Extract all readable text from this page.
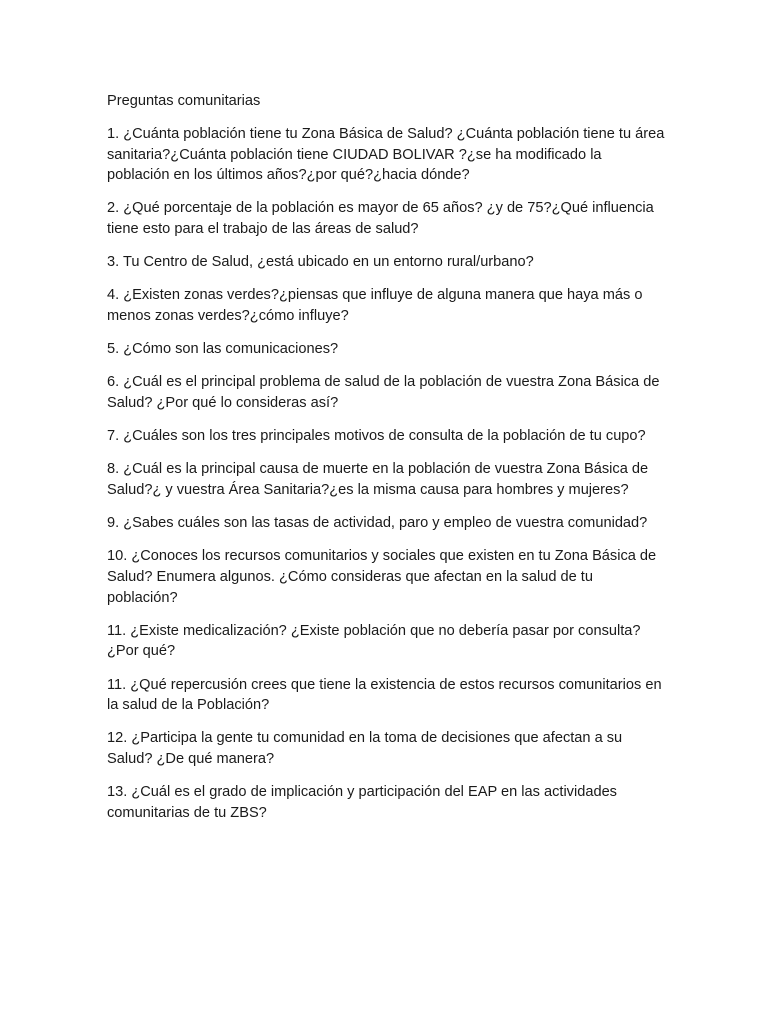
Preguntas comunitarias

1. ¿Cuánta población tiene tu Zona Básica de Salud? ¿Cuánta población tiene tu área sanitaria?¿Cuánta población tiene CIUDAD BOLIVAR ?¿se ha modificado la población en los últimos años?¿por qué?¿hacia dónde?

2. ¿Qué porcentaje de la población es mayor de 65 años? ¿y de 75?¿Qué influencia tiene esto para el trabajo de las áreas de salud?

3. Tu Centro de Salud, ¿está ubicado en un entorno rural/urbano?

4. ¿Existen zonas verdes?¿piensas que influye de alguna manera que haya más o menos zonas verdes?¿cómo influye?

5. ¿Cómo son las comunicaciones?

6. ¿Cuál es el principal problema de salud de la población de vuestra Zona Básica de Salud? ¿Por qué lo consideras así?

7. ¿Cuáles son los tres principales motivos de consulta de la población de tu cupo?

8. ¿Cuál es la principal causa de muerte en la población de vuestra Zona Básica de Salud?¿ y vuestra Área Sanitaria?¿es la misma causa para hombres y mujeres?

9. ¿Sabes cuáles son las tasas de actividad, paro y empleo de vuestra comunidad?

10. ¿Conoces los recursos comunitarios y sociales que existen en tu Zona Básica de Salud? Enumera algunos. ¿Cómo consideras que afectan en la salud de tu población?

11. ¿Existe medicalización? ¿Existe población que no debería pasar por consulta? ¿Por qué?

11. ¿Qué repercusión crees que tiene la existencia de estos recursos comunitarios en la salud de la Población?

12. ¿Participa la gente tu comunidad en la toma de decisiones que afectan a su Salud? ¿De qué manera?

13. ¿Cuál es el grado de implicación y participación del EAP en las actividades comunitarias de tu ZBS?
